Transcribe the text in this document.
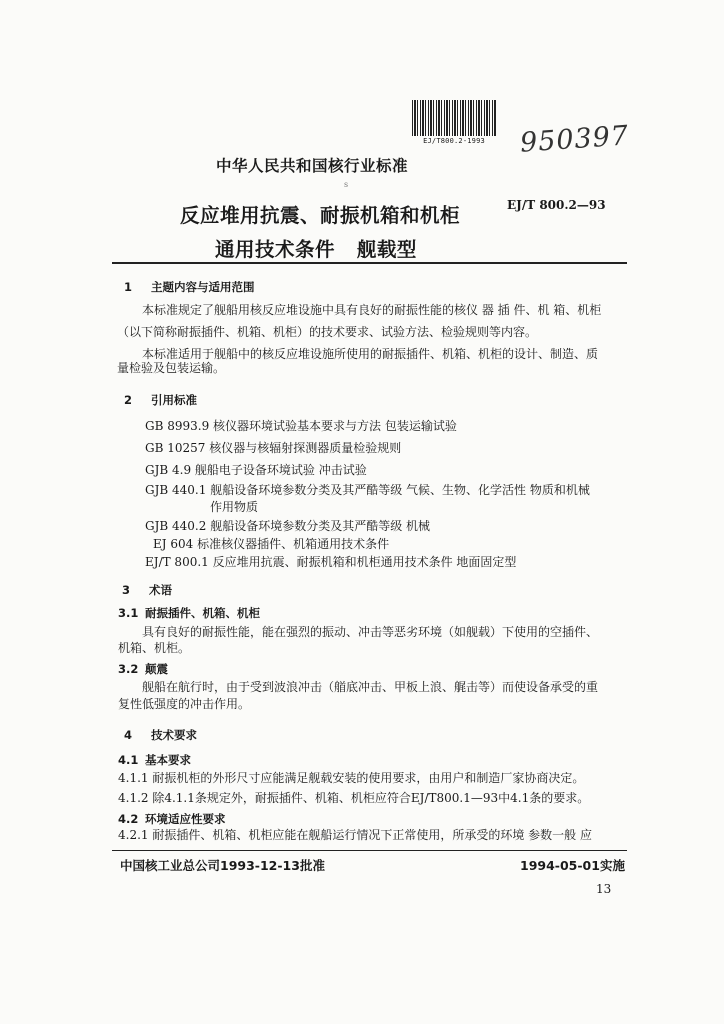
EJ/T800.2-1993	950397
中华人民共和国核行业标准
s
EJ/T 800.2—93
反应堆用抗震、耐振机箱和机柜
通用技术条件   舰载型
1 主题内容与适用范围
本标准规定了舰船用核反应堆设施中具有良好的耐振性能的核仪 器 插 件、机 箱、机柜
（以下简称耐振插件、机箱、机柜）的技术要求、试验方法、检验规则等内容。
本标准适用于舰船中的核反应堆设施所使用的耐振插件、机箱、机柜的设计、制造、质
量检验及包装运输。
2 引用标准
GB 8993.9 核仪器环境试验基本要求与方法 包装运输试验
GB 10257 核仪器与核辐射探测器质量检验规则
GJB 4.9 舰船电子设备环境试验 冲击试验
GJB 440.1 舰船设备环境参数分类及其严酷等级 气候、生物、化学活性 物质和机械
作用物质
GJB 440.2 舰船设备环境参数分类及其严酷等级 机械
EJ 604 标准核仪器插件、机箱通用技术条件
EJ/T 800.1 反应堆用抗震、耐振机箱和机柜通用技术条件 地面固定型
3 术语
3.1 耐振插件、机箱、机柜
具有良好的耐振性能，能在强烈的振动、冲击等恶劣环境（如舰载）下使用的空插件、
机箱、机柜。
3.2 颠震
舰船在航行时，由于受到波浪冲击（艏底冲击、甲板上浪、艉击等）而使设备承受的重
复性低强度的冲击作用。
4 技术要求
4.1 基本要求
4.1.1 耐振机柜的外形尺寸应能满足舰载安装的使用要求，由用户和制造厂家协商决定。
4.1.2 除4.1.1条规定外，耐振插件、机箱、机柜应符合EJ/T800.1—93中4.1条的要求。
4.2 环境适应性要求
4.2.1 耐振插件、机箱、机柜应能在舰船运行情况下正常使用，所承受的环境 参数一般 应
中国核工业总公司1993-12-13批准	1994-05-01实施
13
